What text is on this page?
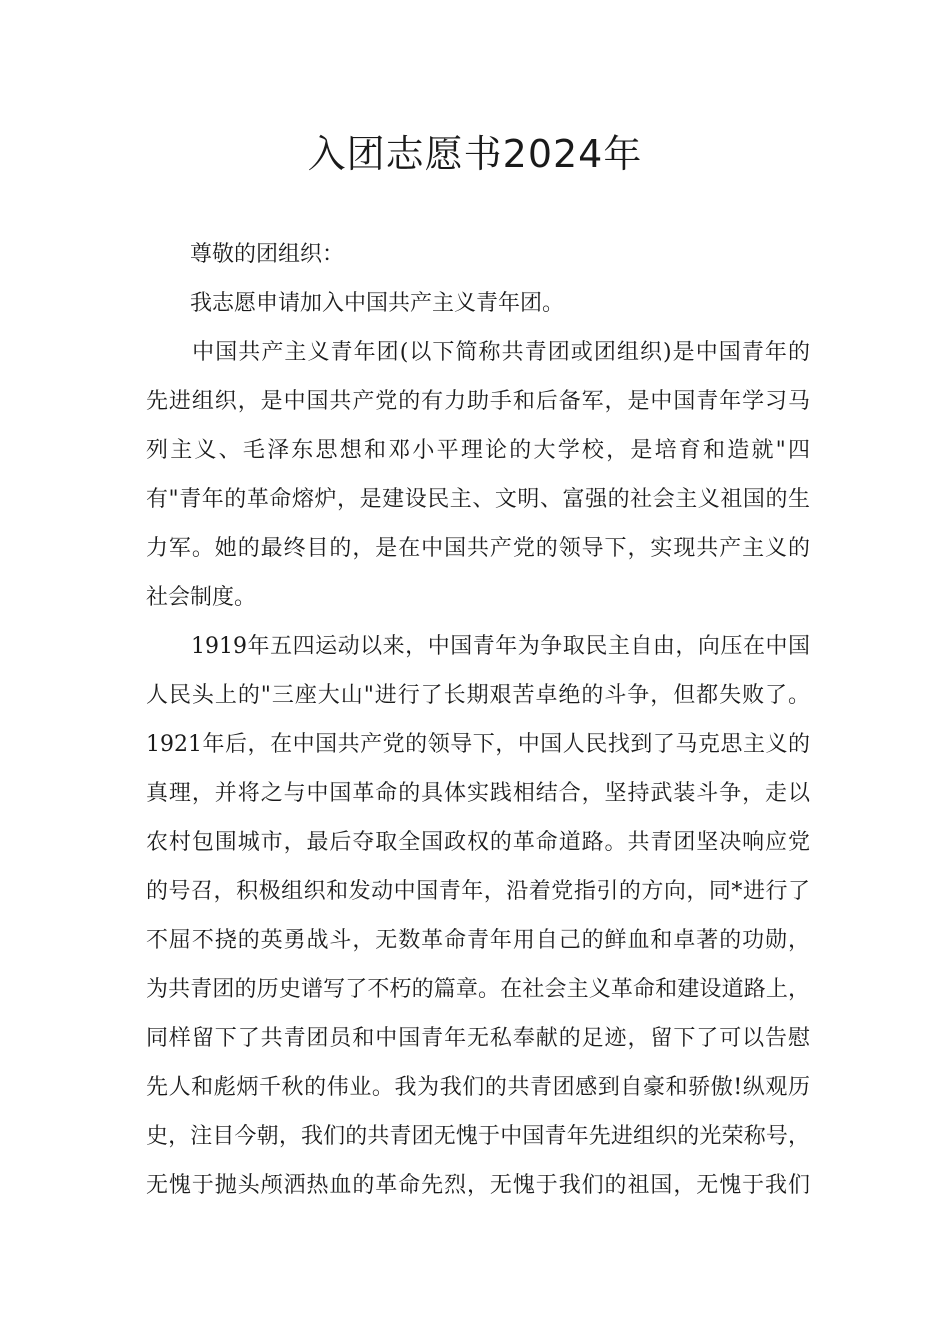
入团志愿书2024年
　　尊敬的团组织：
　　我志愿申请加入中国共产主义青年团。
　　中国共产主义青年团(以下简称共青团或团组织)是中国青年的
先进组织，是中国共产党的有力助手和后备军，是中国青年学习马
列主义、毛泽东思想和邓小平理论的大学校，是培育和造就"四
有"青年的革命熔炉，是建设民主、文明、富强的社会主义祖国的生
力军。她的最终目的，是在中国共产党的领导下，实现共产主义的
社会制度。
　　1919年五四运动以来，中国青年为争取民主自由，向压在中国
人民头上的"三座大山"进行了长期艰苦卓绝的斗争，但都失败了。
1921年后，在中国共产党的领导下，中国人民找到了马克思主义的
真理，并将之与中国革命的具体实践相结合，坚持武装斗争，走以
农村包围城市，最后夺取全国政权的革命道路。共青团坚决响应党
的号召，积极组织和发动中国青年，沿着党指引的方向，同*进行了
不屈不挠的英勇战斗，无数革命青年用自己的鲜血和卓著的功勋，
为共青团的历史谱写了不朽的篇章。在社会主义革命和建设道路上，
同样留下了共青团员和中国青年无私奉献的足迹，留下了可以告慰
先人和彪炳千秋的伟业。我为我们的共青团感到自豪和骄傲!纵观历
史，注目今朝，我们的共青团无愧于中国青年先进组织的光荣称号，
无愧于抛头颅洒热血的革命先烈，无愧于我们的祖国，无愧于我们
